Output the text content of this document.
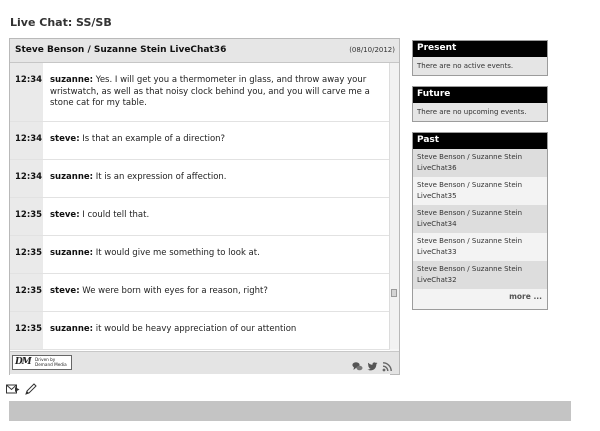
Live Chat: SS/SB
Steve Benson / Suzanne Stein LiveChat36	(08/10/2012)
12:34 suzanne: Yes. I will get you a thermometer in glass, and throw away your wristwatch, as well as that noisy clock behind you, and you will carve me a stone cat for my table.
12:34 steve: Is that an example of a direction?
12:34 suzanne: It is an expression of affection.
12:35 steve: I could tell that.
12:35 suzanne: It would give me something to look at.
12:35 steve: We were born with eyes for a reason, right?
12:35 suzanne: it would be heavy appreciation of our attention
DM Driven by
Demand Media
Present
There are no active events.
Future
There are no upcoming events.
Past
Steve Benson / Suzanne Stein LiveChat36
Steve Benson / Suzanne Stein LiveChat35
Steve Benson / Suzanne Stein LiveChat34
Steve Benson / Suzanne Stein LiveChat33
Steve Benson / Suzanne Stein LiveChat32
more ...
